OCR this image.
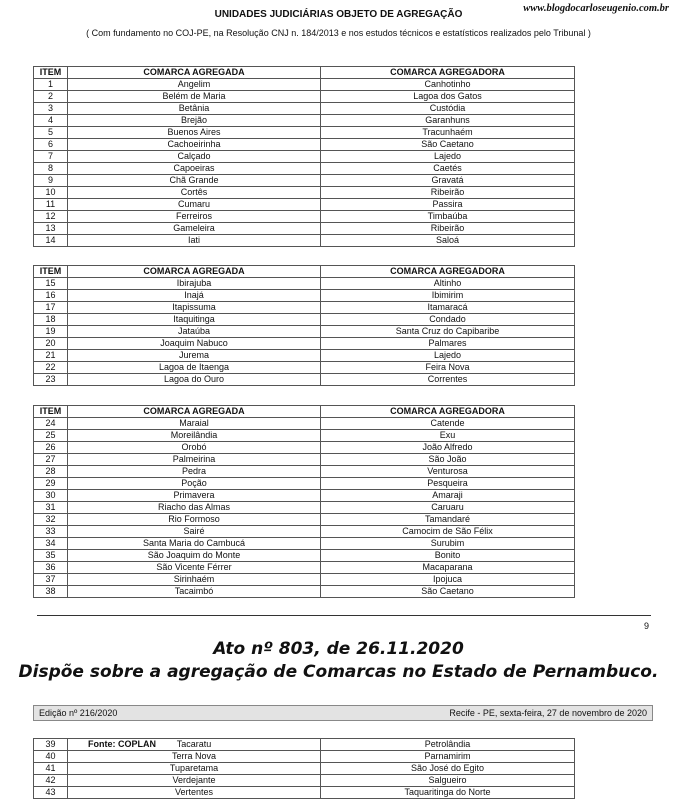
UNIDADES JUDICIÁRIAS OBJETO DE AGREGAÇÃO
www.blogdocarloseugenio.com.br
( Com fundamento no COJ-PE, na Resolução CNJ n. 184/2013 e nos estudos técnicos e estatísticos realizados pelo Tribunal )
ITEM	COMARCA AGREGADA	COMARCA AGREGADORA
1	Angelim	Canhotinho
2	Belém de Maria	Lagoa dos Gatos
3	Betânia	Custódia
4	Brejão	Garanhuns
5	Buenos Aires	Tracunhaém
6	Cachoeirinha	São Caetano
7	Calçado	Lajedo
8	Capoeiras	Caetés
9	Chã Grande	Gravatá
10	Cortês	Ribeirão
11	Cumaru	Passira
12	Ferreiros	Timbaúba
13	Gameleira	Ribeirão
14	Iati	Saloá
ITEM	COMARCA AGREGADA	COMARCA AGREGADORA
15	Ibirajuba	Altinho
16	Inajá	Ibimirim
17	Itapissuma	Itamaracá
18	Itaquitinga	Condado
19	Jataúba	Santa Cruz do Capibaribe
20	Joaquim Nabuco	Palmares
21	Jurema	Lajedo
22	Lagoa de Itaenga	Feira Nova
23	Lagoa do Ouro	Correntes
ITEM	COMARCA AGREGADA	COMARCA AGREGADORA
24	Maraial	Catende
25	Moreilândia	Exu
26	Orobó	João Alfredo
27	Palmeirina	São João
28	Pedra	Venturosa
29	Poção	Pesqueira
30	Primavera	Amaraji
31	Riacho das Almas	Caruaru
32	Rio Formoso	Tamandaré
33	Sairé	Camocim de São Félix
34	Santa Maria do Cambucá	Surubim
35	São Joaquim do Monte	Bonito
36	São Vicente Férrer	Macaparana
37	Sirinhaém	Ipojuca
38	Tacaimbó	São Caetano
9
Ato nº 803, de 26.11.2020
Dispõe sobre a agregação de Comarcas no Estado de Pernambuco.
Edição nº 216/2020	Recife - PE, sexta-feira, 27 de novembro de 2020
39	Tacaratu	Petrolândia
40	Terra Nova	Parnamirim
41	Tuparetama	São José do Egito
42	Verdejante	Salgueiro
43	Vertentes	Taquaritinga do Norte
Fonte: COPLAN
